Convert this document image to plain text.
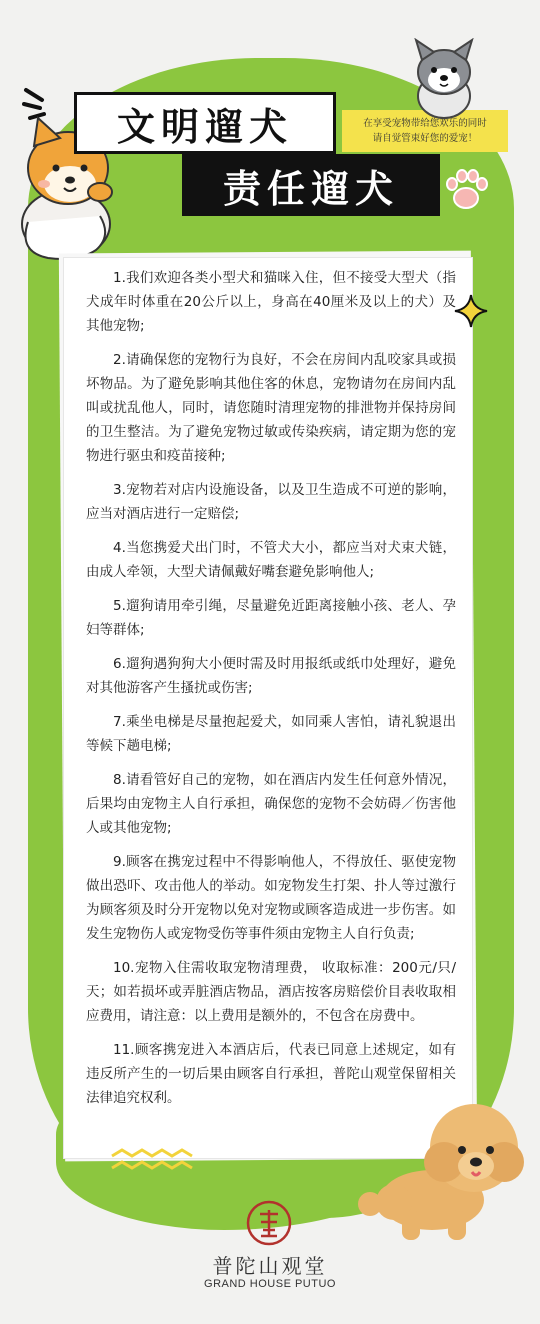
文明遛犬
责任遛犬
在享受宠物带给您欢乐的同时
请自觉管束好您的爱宠！

1.我们欢迎各类小型犬和猫咪入住，但不接受大型犬（指犬成年时体重在20公斤以上，身高在40厘米及以上的犬）及其他宠物;

2.请确保您的宠物行为良好，不会在房间内乱咬家具或损坏物品。为了避免影响其他住客的休息，宠物请勿在房间内乱叫或扰乱他人，同时，请您随时清理宠物的排泄物并保持房间的卫生整洁。为了避免宠物过敏或传染疾病，请定期为您的宠物进行驱虫和疫苗接种;

3.宠物若对店内设施设备，以及卫生造成不可逆的影响，应当对酒店进行一定赔偿;

4.当您携爱犬出门时，不管犬大小，都应当对犬束犬链，由成人牵领，大型犬请佩戴好嘴套避免影响他人;

5.遛狗请用牵引绳，尽量避免近距离接触小孩、老人、孕妇等群体;

6.遛狗遇狗狗大小便时需及时用报纸或纸巾处理好，避免对其他游客产生搔扰或伤害;

7.乘坐电梯是尽量抱起爱犬，如同乘人害怕，请礼貌退出等候下趟电梯;

8.请看管好自己的宠物，如在酒店内发生任何意外情况，后果均由宠物主人自行承担，确保您的宠物不会妨碍／伤害他人或其他宠物;

9.顾客在携宠过程中不得影响他人，不得放任、驱使宠物做出恐吓、攻击他人的举动。如宠物发生打架、扑人等过激行为顾客须及时分开宠物以免对宠物或顾客造成进一步伤害。如发生宠物伤人或宠物受伤等事件须由宠物主人自行负责;

10.宠物入住需收取宠物清理费， 收取标准：200元/只/天；如若损坏或弄脏酒店物品，酒店按客房赔偿价目表收取相应费用，请注意：以上费用是额外的，不包含在房费中。

11.顾客携宠进入本酒店后，代表已同意上述规定，如有违反所产生的一切后果由顾客自行承担，普陀山观堂保留相关法律追究权利。

普陀山观堂
GRAND HOUSE PUTUO
